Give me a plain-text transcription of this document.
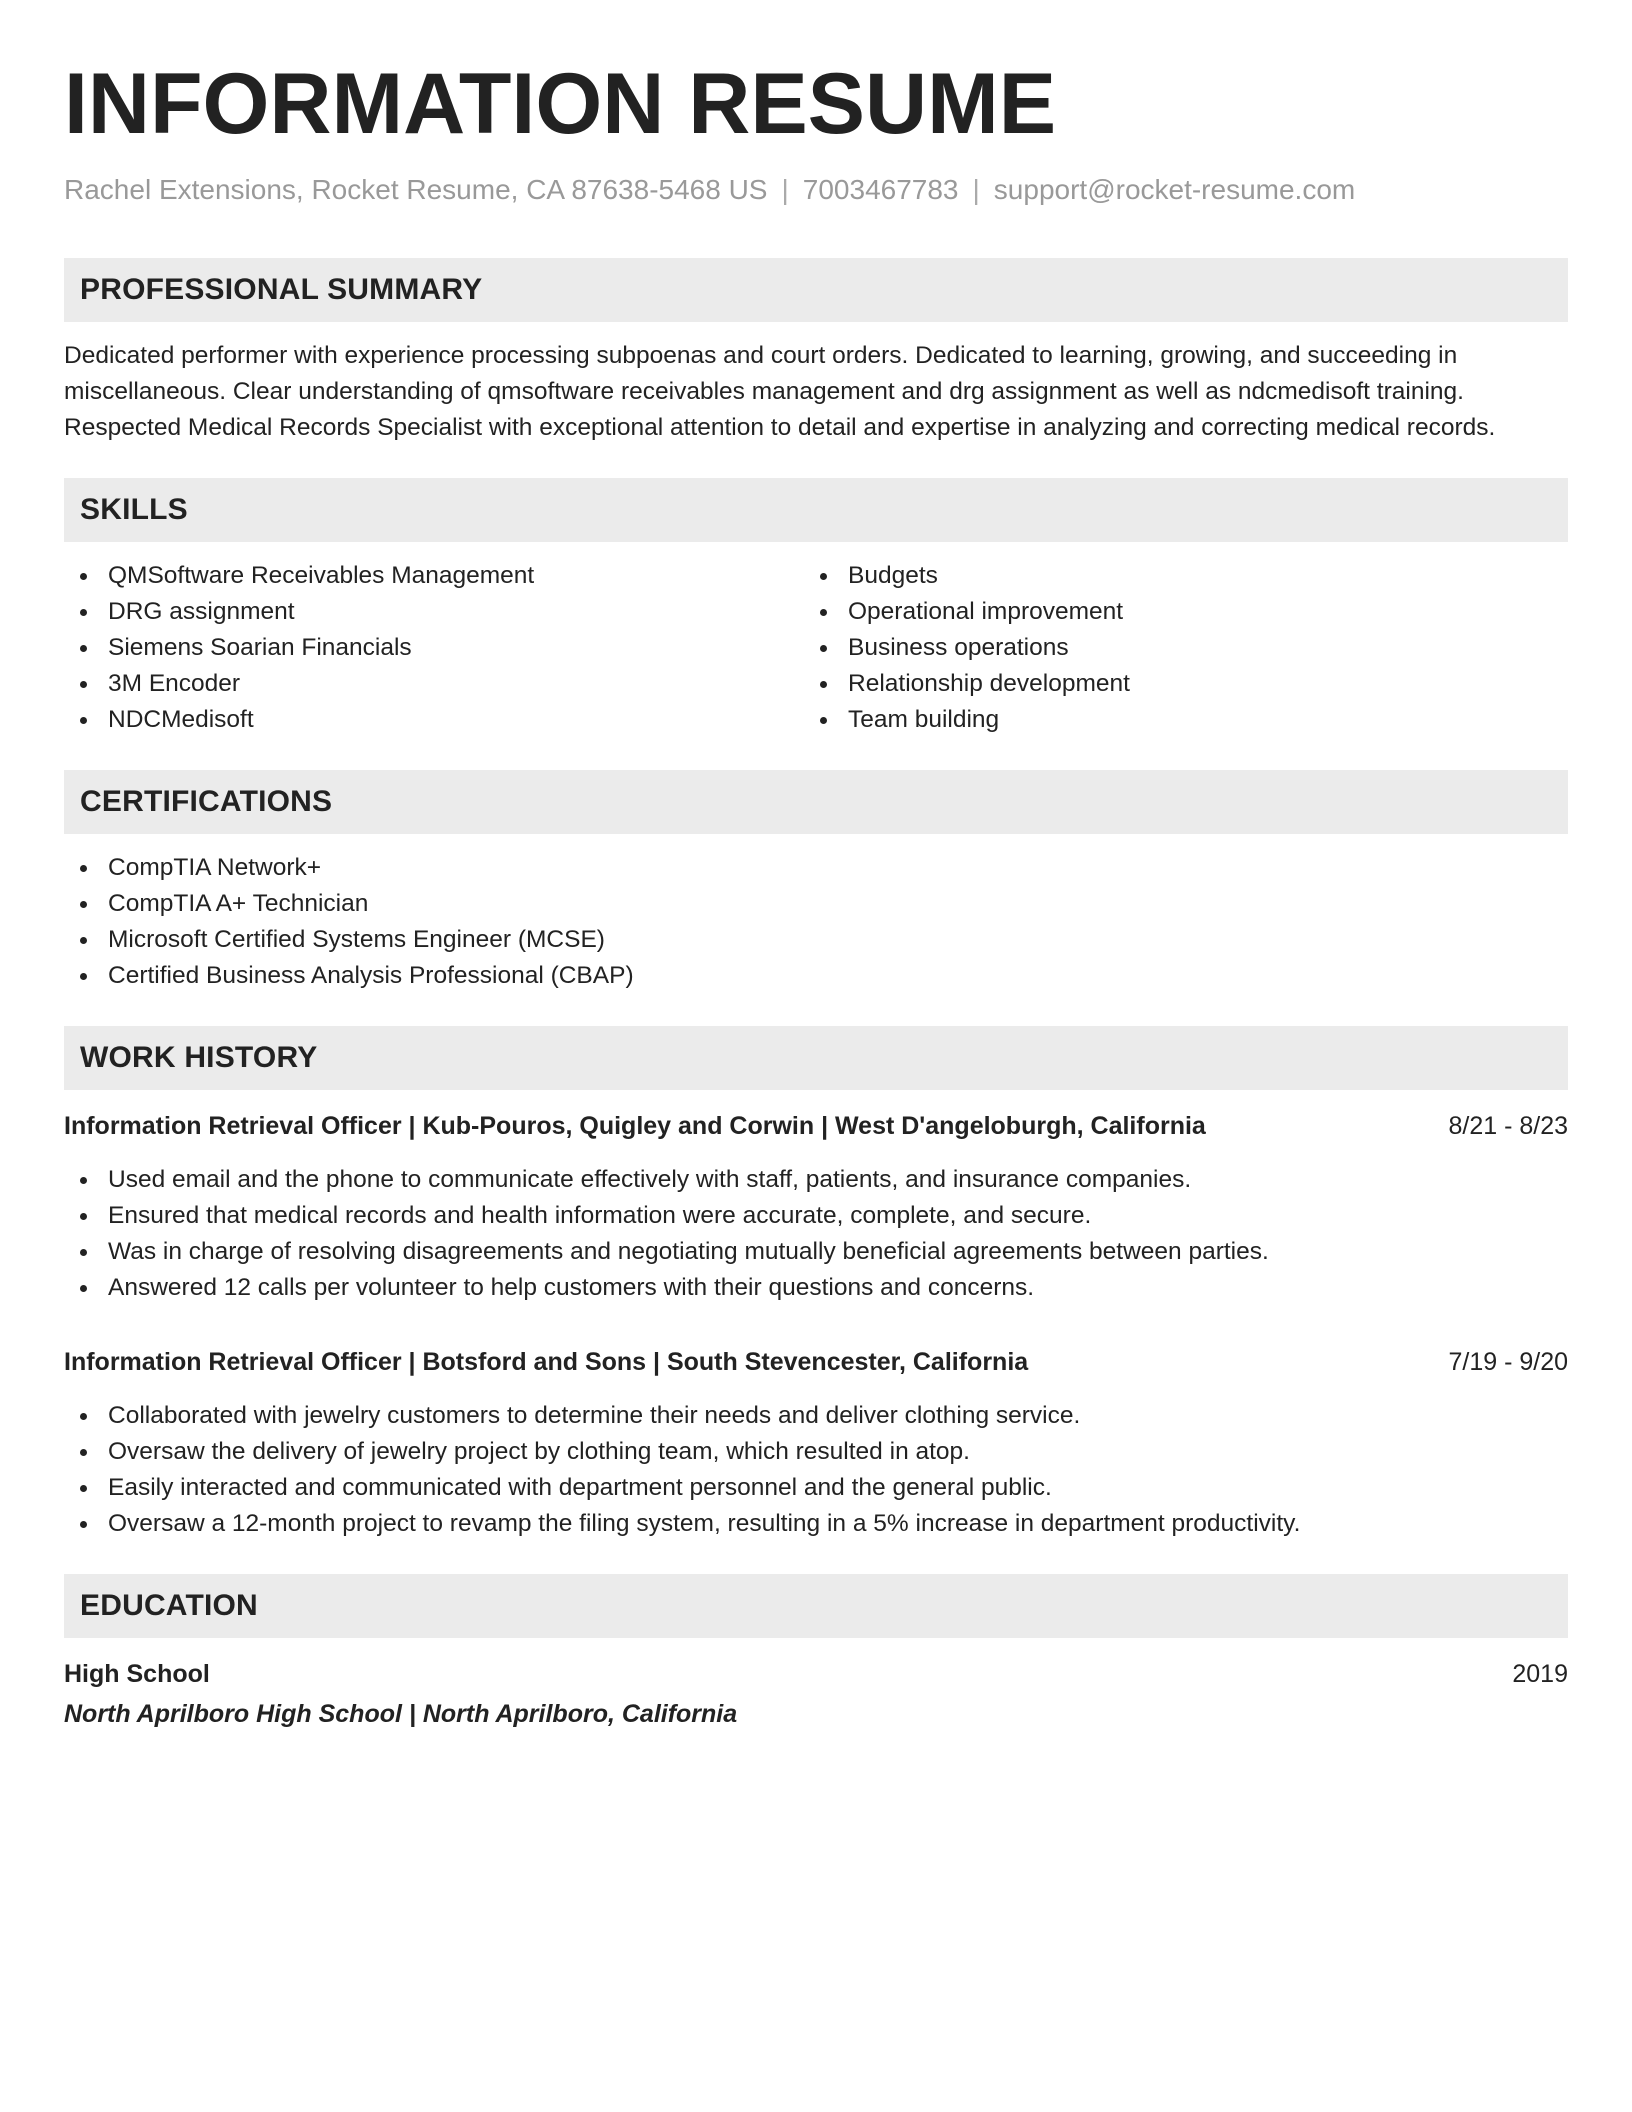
INFORMATION RESUME
Rachel Extensions, Rocket Resume, CA 87638-5468 US | 7003467783 | support@rocket-resume.com
PROFESSIONAL SUMMARY
Dedicated performer with experience processing subpoenas and court orders. Dedicated to learning, growing, and succeeding in miscellaneous. Clear understanding of qmsoftware receivables management and drg assignment as well as ndcmedisoft training. Respected Medical Records Specialist with exceptional attention to detail and expertise in analyzing and correcting medical records.
SKILLS
QMSoftware Receivables Management
DRG assignment
Siemens Soarian Financials
3M Encoder
NDCMedisoft
Budgets
Operational improvement
Business operations
Relationship development
Team building
CERTIFICATIONS
CompTIA Network+
CompTIA A+ Technician
Microsoft Certified Systems Engineer (MCSE)
Certified Business Analysis Professional (CBAP)
WORK HISTORY
Information Retrieval Officer | Kub-Pouros, Quigley and Corwin | West D'angeloburgh, California	8/21 - 8/23
Used email and the phone to communicate effectively with staff, patients, and insurance companies.
Ensured that medical records and health information were accurate, complete, and secure.
Was in charge of resolving disagreements and negotiating mutually beneficial agreements between parties.
Answered 12 calls per volunteer to help customers with their questions and concerns.
Information Retrieval Officer | Botsford and Sons | South Stevencester, California	7/19 - 9/20
Collaborated with jewelry customers to determine their needs and deliver clothing service.
Oversaw the delivery of jewelry project by clothing team, which resulted in atop.
Easily interacted and communicated with department personnel and the general public.
Oversaw a 12-month project to revamp the filing system, resulting in a 5% increase in department productivity.
EDUCATION
High School	2019
North Aprilboro High School | North Aprilboro, California
